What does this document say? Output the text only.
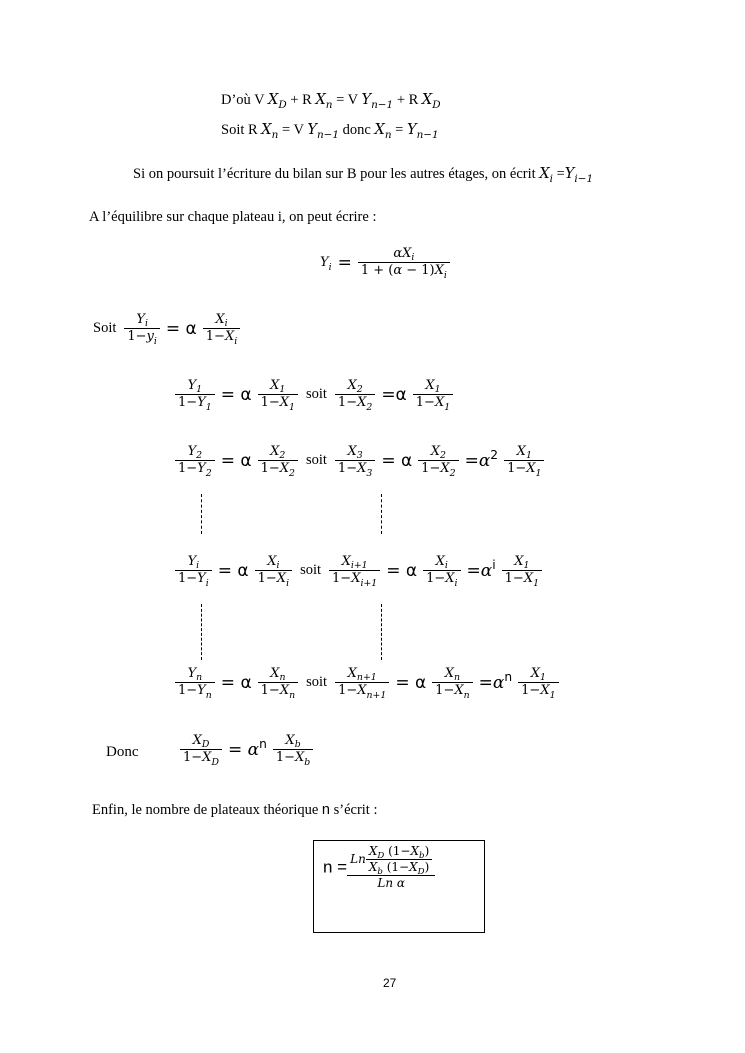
D’où V $X_D + R$ $X_n = V$ $Y_{n-1} + R$ $X_D$
Soit R $X_n = V$ $Y_{n-1}$ donc $X_n = Y_{n-1}$
Si on poursuit l’écriture du bilan sur B pour les autres étages, on écrit $X_i =Y_{i-1}$
A l’équilibre sur chaque plateau i, on peut écrire :
$Y_i = \frac{\alpha X_i}{1 + (\alpha - 1)X_i}$
Soit $\frac{Y_i}{1-y_i} = \alpha \frac{X_i}{1-X_i}$
$\frac{Y_1}{1-Y_1} = \alpha \frac{X_1}{1-X_1}$ soit $\frac{X_2}{1-X_2} =\alpha \frac{X_1}{1-X_1}$
$\frac{Y_2}{1-Y_2} = \alpha \frac{X_2}{1-X_2}$ soit $\frac{X_3}{1-X_3} = \alpha \frac{X_2}{1-X_2} =\alpha^2 \frac{X_1}{1-X_1}$
$\frac{Y_i}{1-Y_i} = \alpha \frac{X_i}{1-X_i}$ soit $\frac{X_{i+1}}{1-X_{i+1}} = \alpha \frac{X_i}{1-X_i} =\alpha^i \frac{X_1}{1-X_1}$
$\frac{Y_n}{1-Y_n} = \alpha \frac{X_n}{1-X_n}$ soit $\frac{X_{n+1}}{1-X_{n+1}} = \alpha \frac{X_n}{1-X_n} =\alpha^n \frac{X_1}{1-X_1}$
Donc	$\frac{X_D}{1-X_D} = \alpha^n \frac{X_b}{1-X_b}$
Enfin, le nombre de plateaux théorique n s’écrit :
$n = \frac{Ln \frac{X_D (1-X_b)}{X_b (1-X_D)}}{\text{Ln α}}$
27
